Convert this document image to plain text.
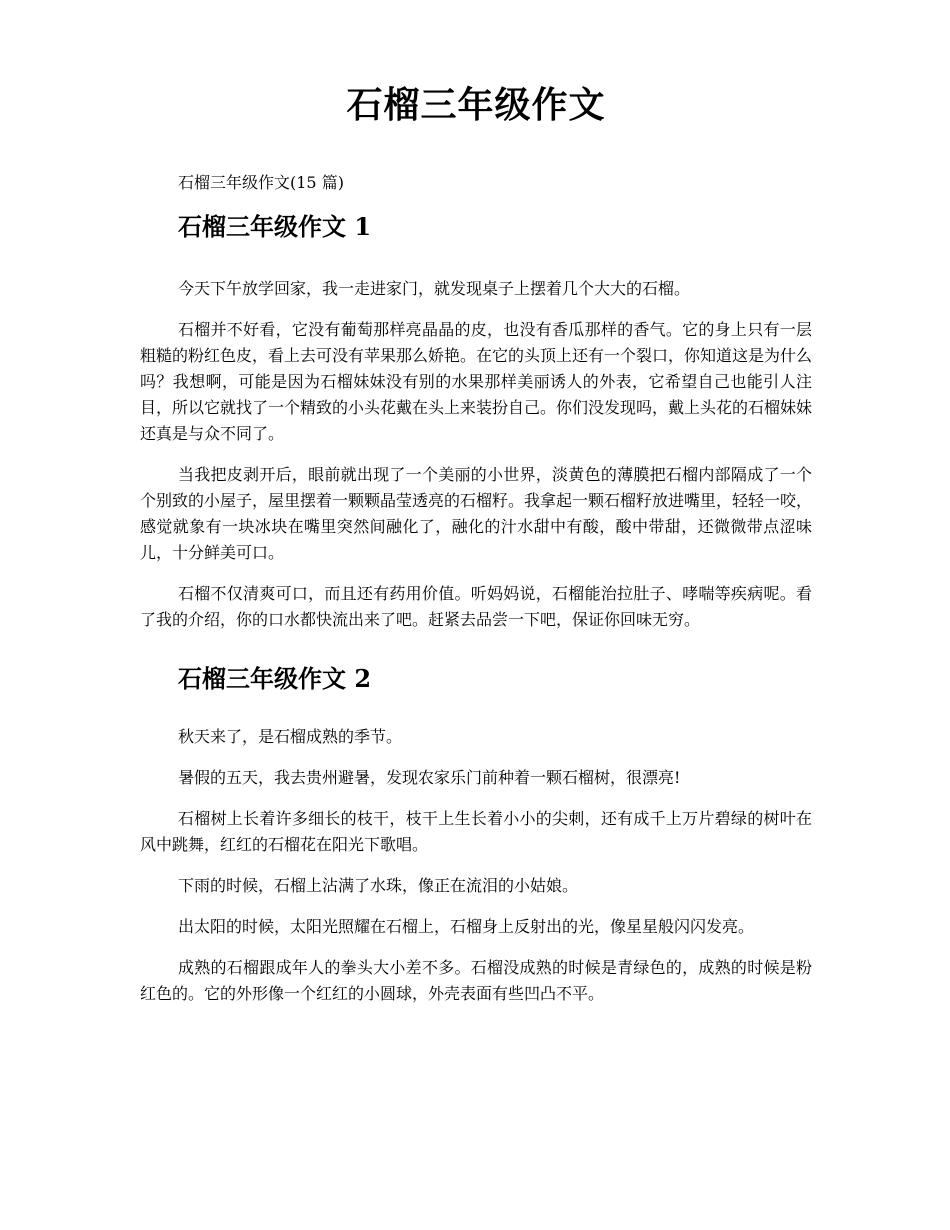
石榴三年级作文

石榴三年级作文(15 篇)

石榴三年级作文 1

今天下午放学回家，我一走进家门，就发现桌子上摆着几个大大的石榴。

石榴并不好看，它没有葡萄那样亮晶晶的皮，也没有香瓜那样的香气。它的身上只有一层粗糙的粉红色皮，看上去可没有苹果那么娇艳。在它的头顶上还有一个裂口，你知道这是为什么吗？我想啊，可能是因为石榴妹妹没有别的水果那样美丽诱人的外表，它希望自己也能引人注目，所以它就找了一个精致的小头花戴在头上来装扮自己。你们没发现吗，戴上头花的石榴妹妹还真是与众不同了。

当我把皮剥开后，眼前就出现了一个美丽的小世界，淡黄色的薄膜把石榴内部隔成了一个个别致的小屋子，屋里摆着一颗颗晶莹透亮的石榴籽。我拿起一颗石榴籽放进嘴里，轻轻一咬，感觉就象有一块冰块在嘴里突然间融化了，融化的汁水甜中有酸，酸中带甜，还微微带点涩味儿，十分鲜美可口。

石榴不仅清爽可口，而且还有药用价值。听妈妈说，石榴能治拉肚子、哮喘等疾病呢。看了我的介绍，你的口水都快流出来了吧。赶紧去品尝一下吧，保证你回味无穷。

石榴三年级作文 2

秋天来了，是石榴成熟的季节。

暑假的五天，我去贵州避暑，发现农家乐门前种着一颗石榴树，很漂亮!

石榴树上长着许多细长的枝干，枝干上生长着小小的尖刺，还有成千上万片碧绿的树叶在风中跳舞，红红的石榴花在阳光下歌唱。

下雨的时候，石榴上沾满了水珠，像正在流泪的小姑娘。

出太阳的时候，太阳光照耀在石榴上，石榴身上反射出的光，像星星般闪闪发亮。

成熟的石榴跟成年人的拳头大小差不多。石榴没成熟的时候是青绿色的，成熟的时候是粉红色的。它的外形像一个红红的小圆球，外壳表面有些凹凸不平。
